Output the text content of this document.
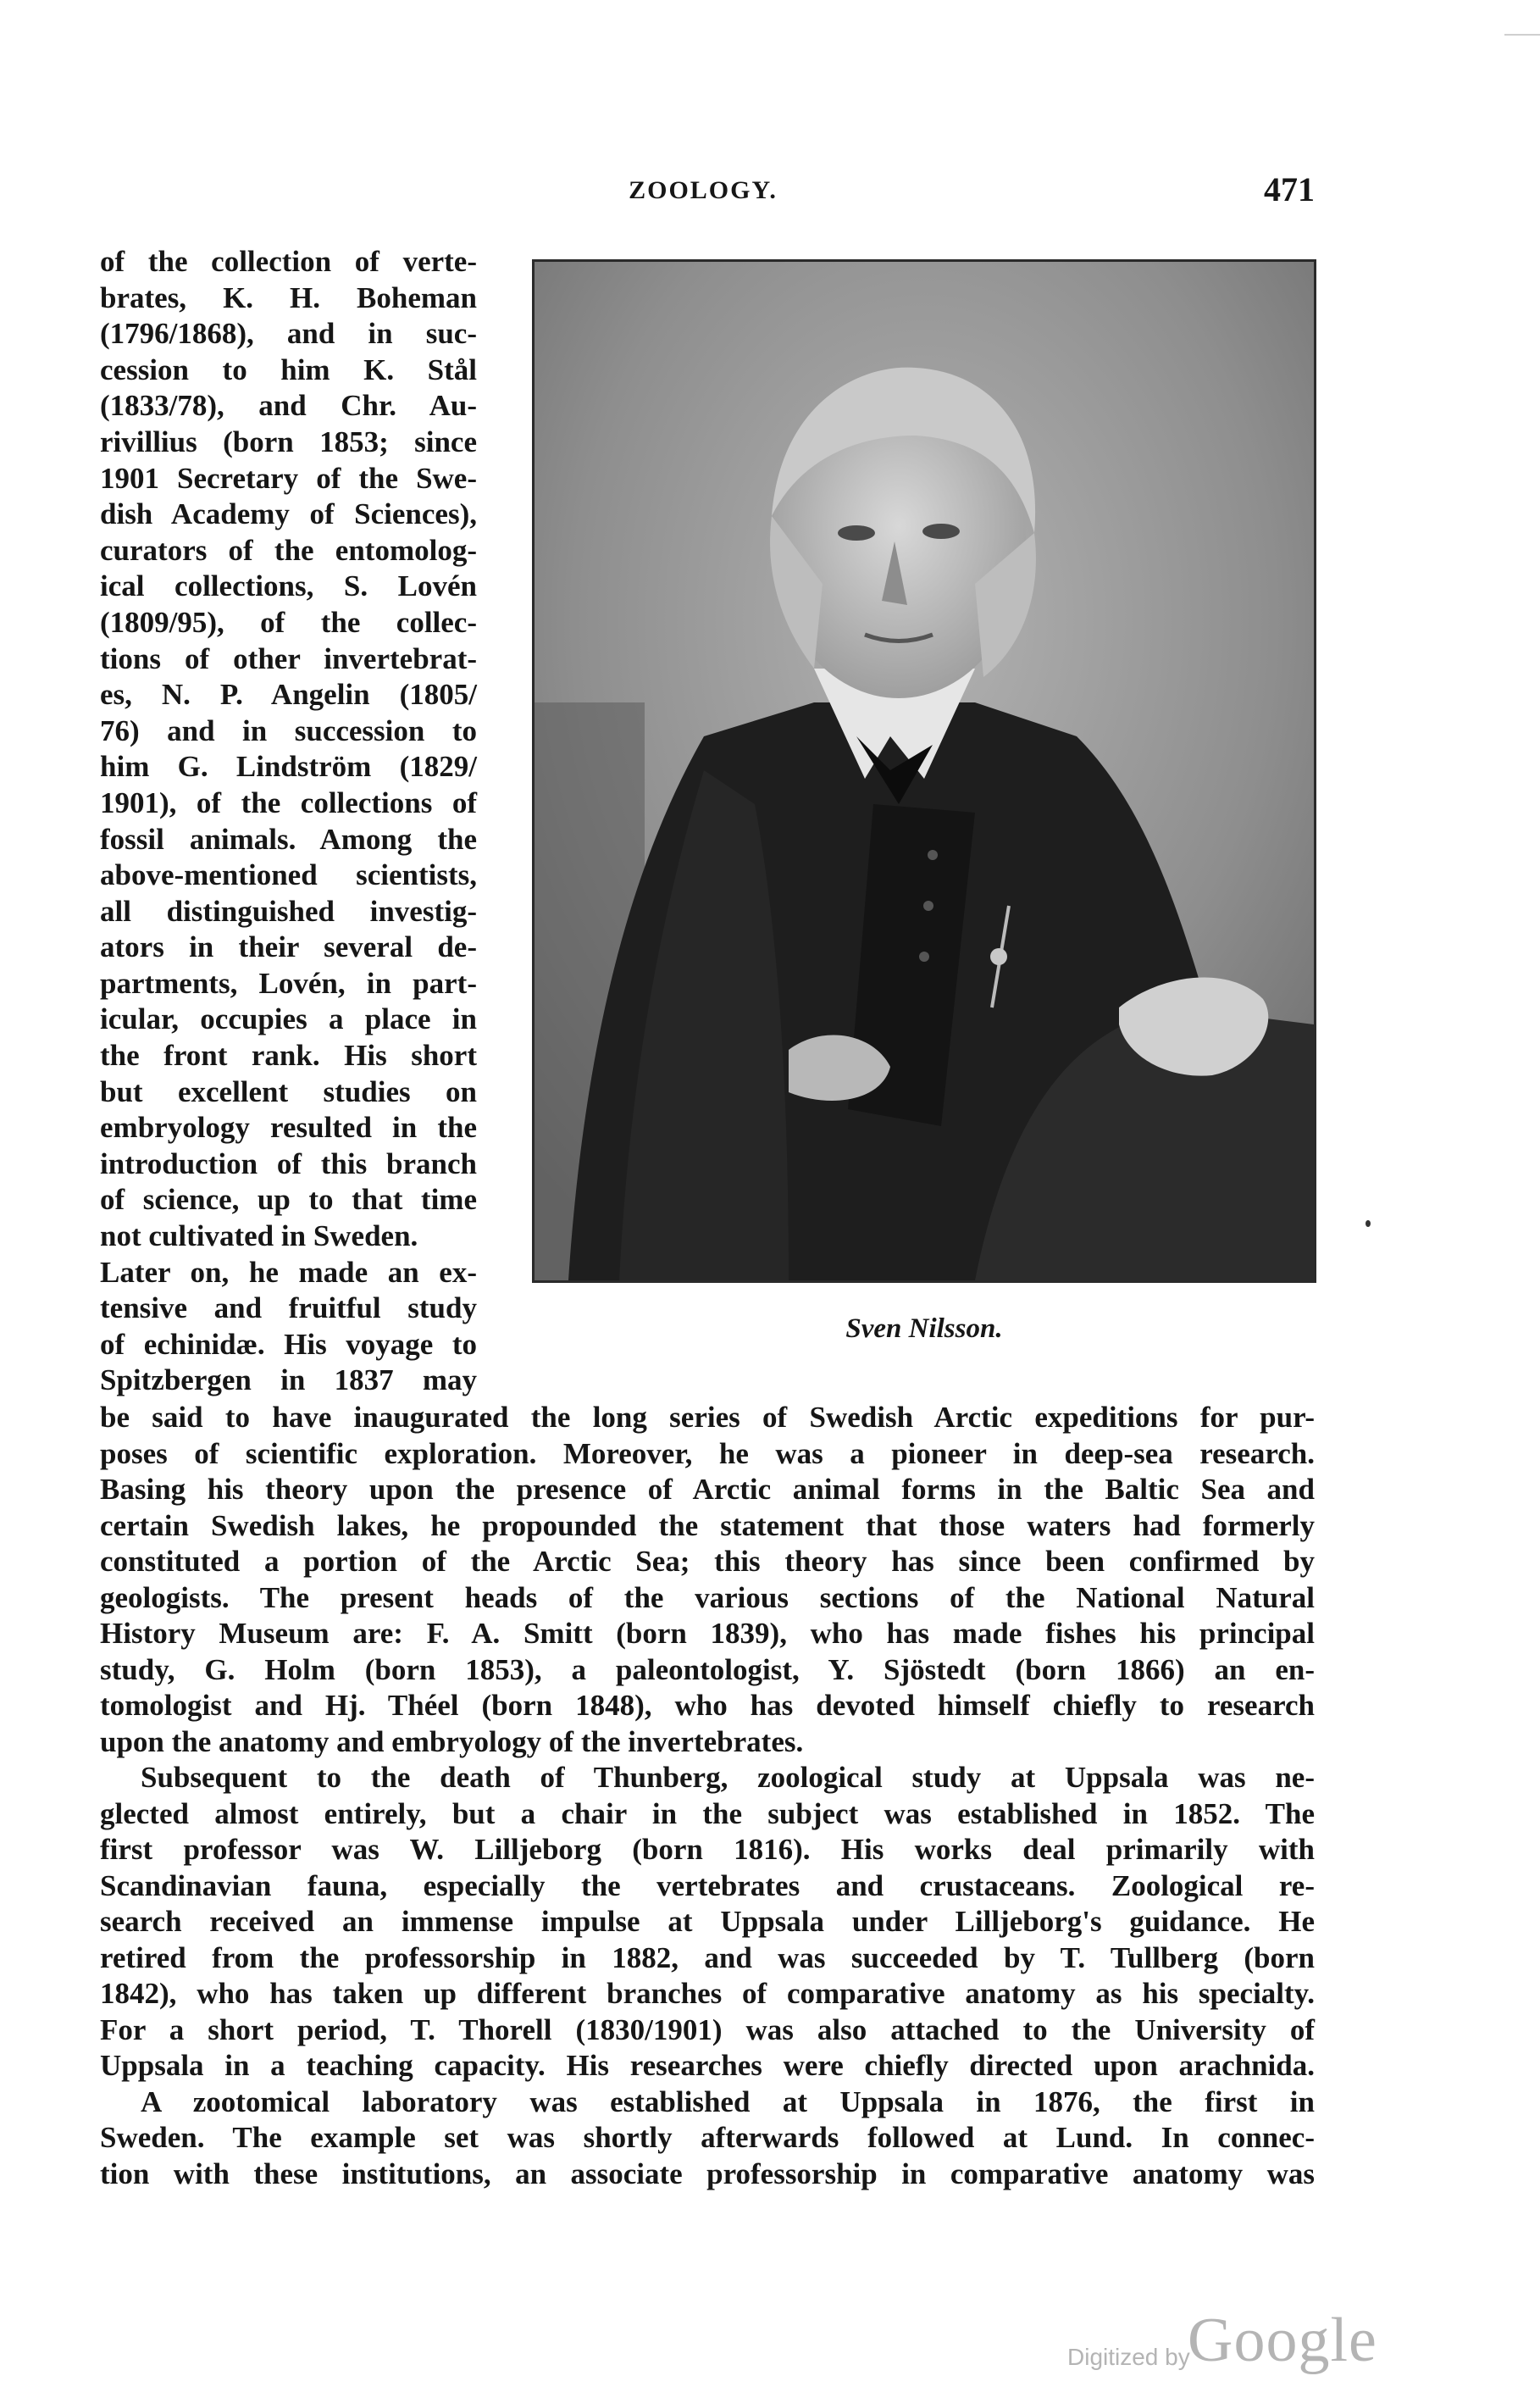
ZOOLOGY.	471
of the collection of verte-
brates, K. H. Boheman
(1796/1868), and in suc-
cession to him K. Stål
(1833/78), and Chr. Au-
rivillius (born 1853; since
1901 Secretary of the Swe-
dish Academy of Sciences),
curators of the entomolog-
ical collections, S. Lovén
(1809/95), of the collec-
tions of other invertebrat-
es, N. P. Angelin (1805/
76) and in succession to
him G. Lindström (1829/
1901), of the collections of
fossil animals. Among the
above-mentioned scientists,
all distinguished investig-
ators in their several de-
partments, Lovén, in part-
icular, occupies a place in
the front rank. His short
but excellent studies on
embryology resulted in the
introduction of this branch
of science, up to that time
not cultivated in Sweden.
Later on, he made an ex-
tensive and fruitful study
of echinidæ. His voyage to
Spitzbergen in 1837 may
Sven Nilsson.
be said to have inaugurated the long series of Swedish Arctic expeditions for pur-
poses of scientific exploration. Moreover, he was a pioneer in deep-sea research.
Basing his theory upon the presence of Arctic animal forms in the Baltic Sea and
certain Swedish lakes, he propounded the statement that those waters had formerly
constituted a portion of the Arctic Sea; this theory has since been confirmed by
geologists. The present heads of the various sections of the National Natural
History Museum are: F. A. Smitt (born 1839), who has made fishes his principal
study, G. Holm (born 1853), a paleontologist, Y. Sjöstedt (born 1866) an en-
tomologist and Hj. Théel (born 1848), who has devoted himself chiefly to research
upon the anatomy and embryology of the invertebrates.
Subsequent to the death of Thunberg, zoological study at Uppsala was ne-
glected almost entirely, but a chair in the subject was established in 1852. The
first professor was W. Lilljeborg (born 1816). His works deal primarily with
Scandinavian fauna, especially the vertebrates and crustaceans. Zoological re-
search received an immense impulse at Uppsala under Lilljeborg's guidance. He
retired from the professorship in 1882, and was succeeded by T. Tullberg (born
1842), who has taken up different branches of comparative anatomy as his specialty.
For a short period, T. Thorell (1830/1901) was also attached to the University of
Uppsala in a teaching capacity. His researches were chiefly directed upon arachnida.
A zootomical laboratory was established at Uppsala in 1876, the first in
Sweden. The example set was shortly afterwards followed at Lund. In connec-
tion with these institutions, an associate professorship in comparative anatomy was
Digitized by
Google
